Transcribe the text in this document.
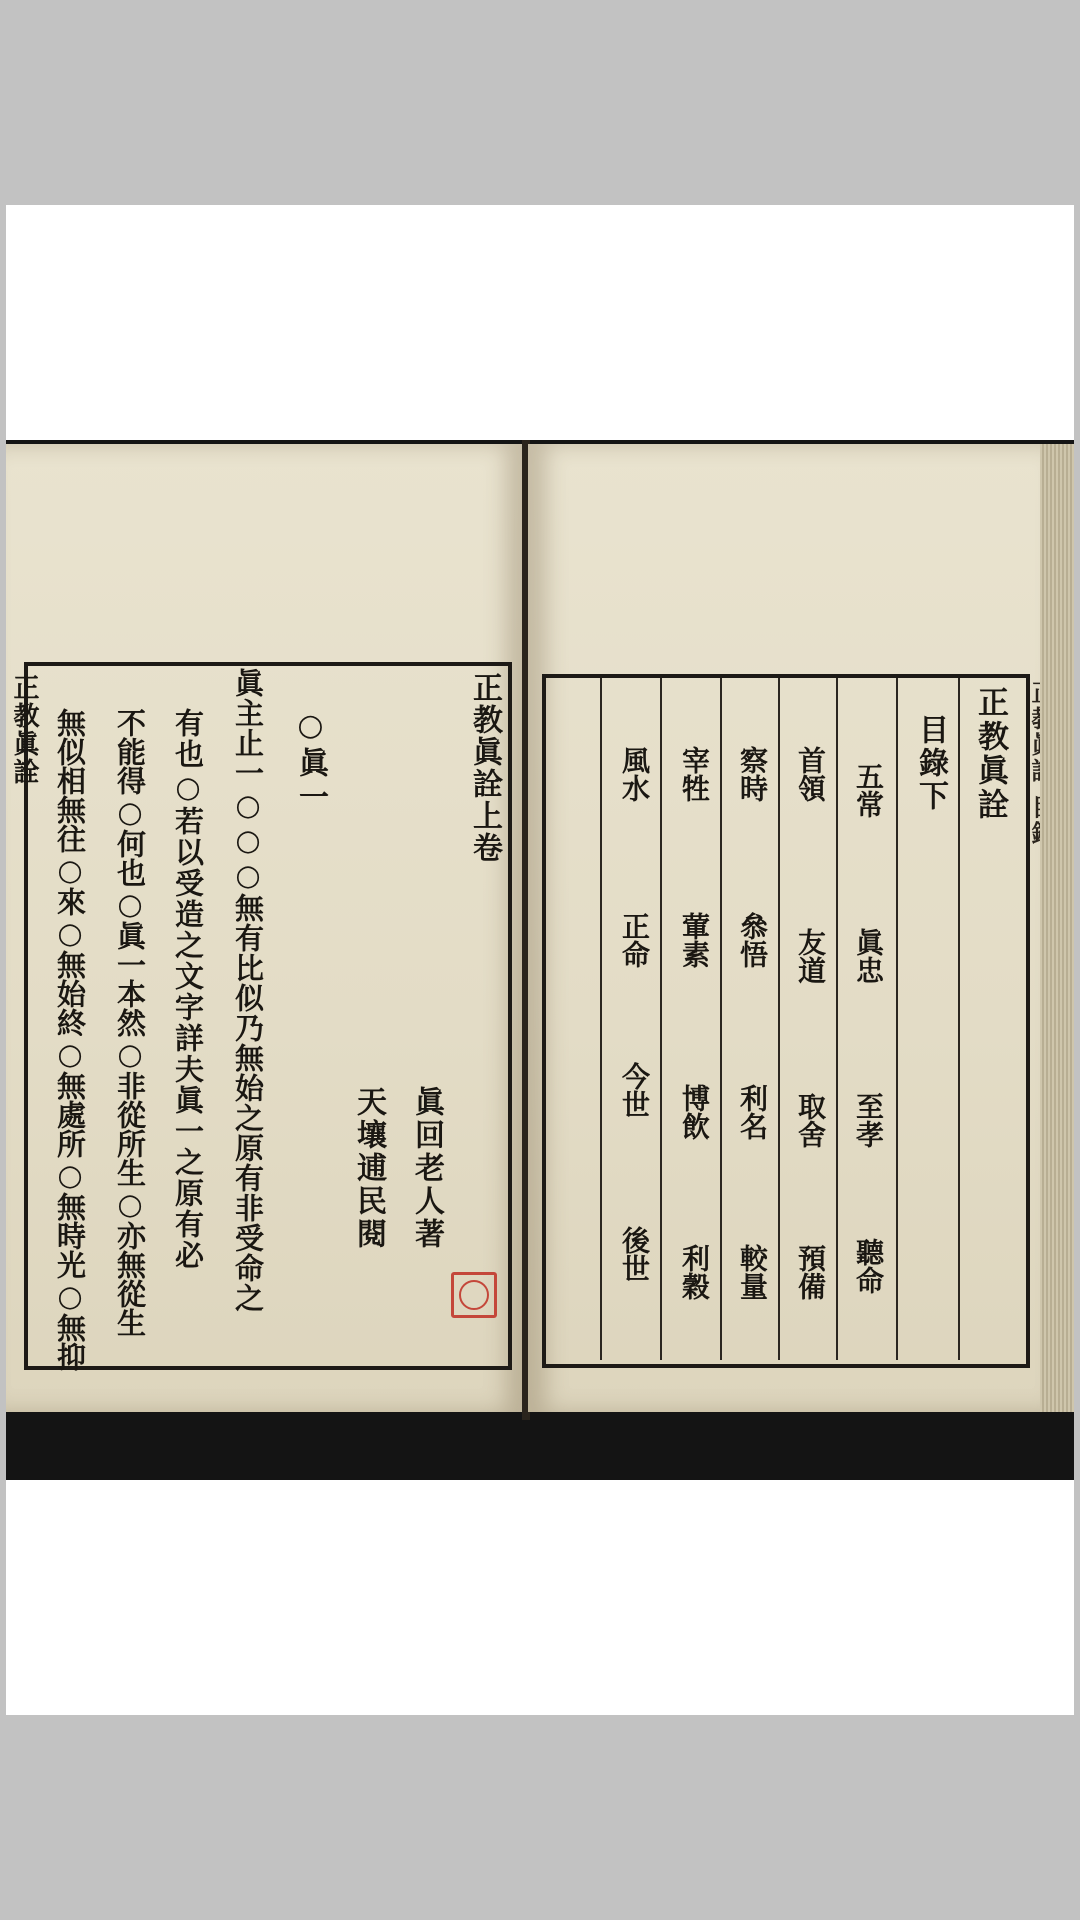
正教眞詮上卷
眞回老人著
天壤逋民閱
○眞一
眞主止一○○○無有比似乃無始之原有非受命之
有也○若以受造之文字詳夫眞一之原有必
不能得○何也○眞一本然○非從所生○亦無從生
無似相無往○來○無始終○無處所○無時光○無抑
正教眞詮	正教眞詮
目錄下
五常
眞忠
至孝
聽命
首領
友道
取舍
預備
察時
叅悟
利名
較量
宰牲
葷素
博飲
利穀
風水
正命
今世
後世
